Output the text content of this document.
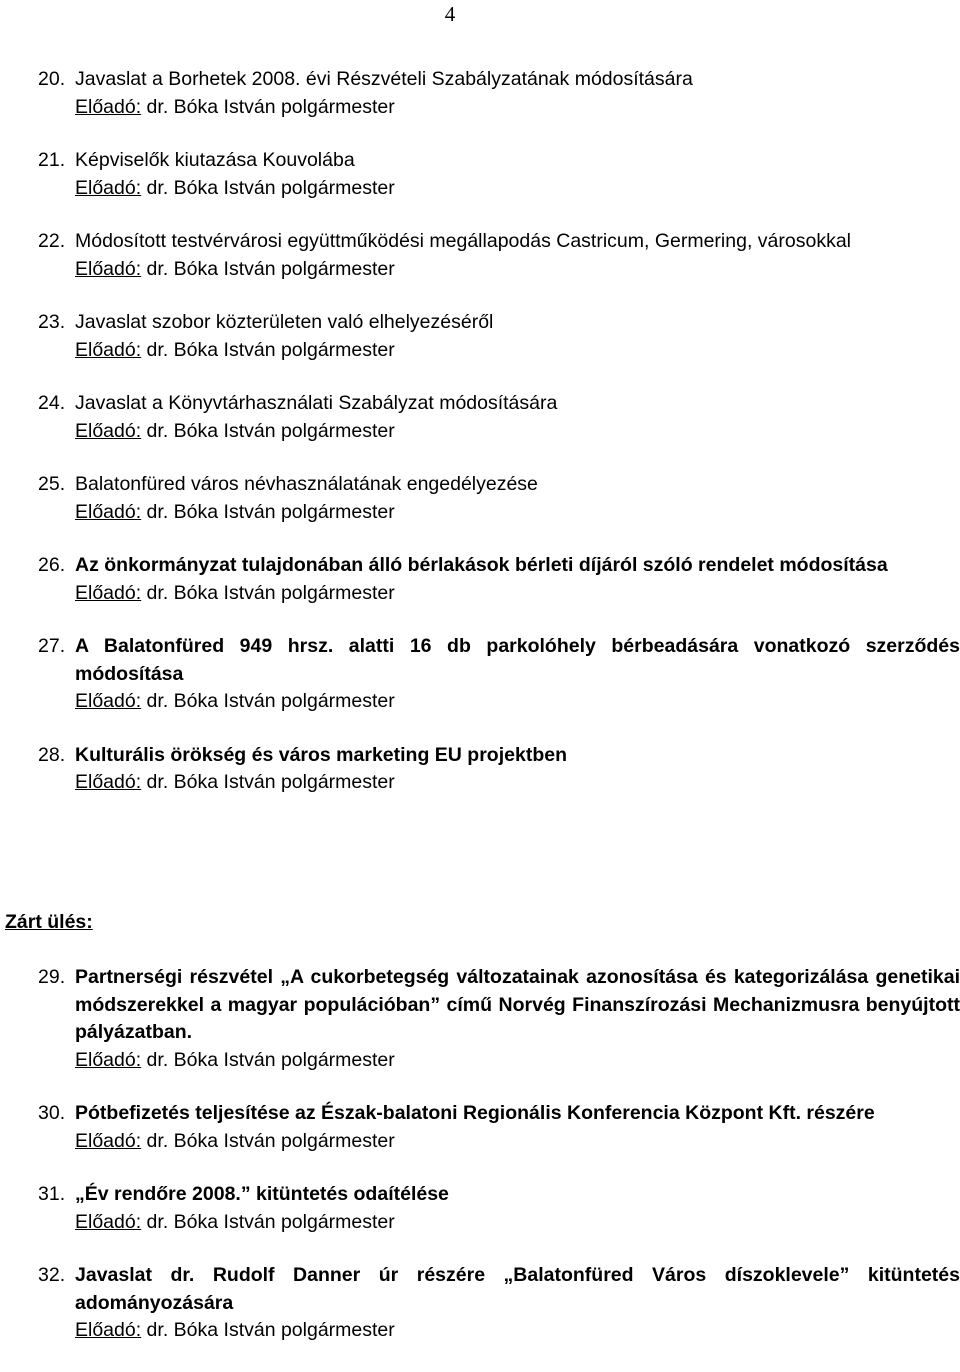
4
20. Javaslat a Borhetek 2008. évi Részvételi Szabályzatának módosítására
Előadó: dr. Bóka István polgármester
21. Képviselők kiutazása Kouvolába
Előadó: dr. Bóka István polgármester
22. Módosított testvérvárosi együttműködési megállapodás Castricum, Germering, városokkal
Előadó: dr. Bóka István polgármester
23. Javaslat szobor közterületen való elhelyezéséről
Előadó: dr. Bóka István polgármester
24. Javaslat a Könyvtárhasználati Szabályzat módosítására
Előadó: dr. Bóka István polgármester
25. Balatonfüred város névhasználatának engedélyezése
Előadó: dr. Bóka István polgármester
26. Az önkormányzat tulajdonában álló bérlakások bérleti díjáról szóló rendelet módosítása
Előadó: dr. Bóka István polgármester
27. A Balatonfüred 949 hrsz. alatti 16 db parkolóhely bérbeadására vonatkozó szerződés módosítása
Előadó: dr. Bóka István polgármester
28. Kulturális örökség és város marketing EU projektben
Előadó: dr. Bóka István polgármester
Zárt ülés:
29. Partnerségi részvétel „A cukorbetegség változatainak azonosítása és kategorizálása genetikai módszerekkel a magyar populációban” című Norvég Finanszírozási Mechanizmusra benyújtott pályázatban.
Előadó: dr. Bóka István polgármester
30. Pótbefizetés teljesítése az Észak-balatoni Regionális Konferencia Központ Kft. részére
Előadó: dr. Bóka István polgármester
31. „Év rendőre 2008.” kitüntetés odaítélése
Előadó: dr. Bóka István polgármester
32. Javaslat dr. Rudolf Danner úr részére „Balatonfüred Város díszoklevele” kitüntetés adományozására
Előadó: dr. Bóka István polgármester
